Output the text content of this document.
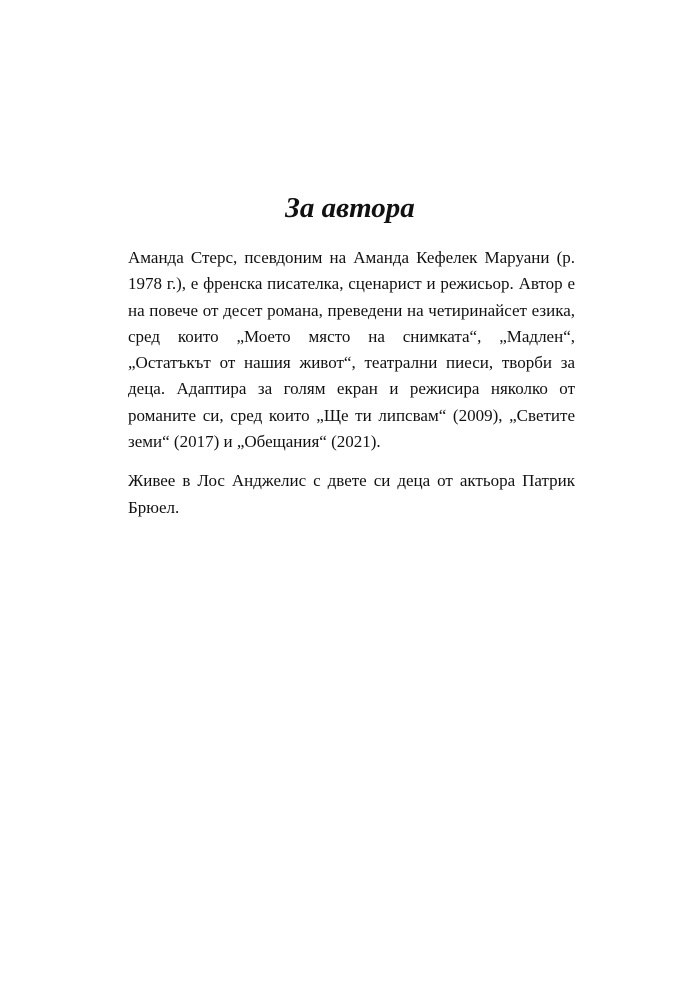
За автора

Аманда Стерс, псевдоним на Аманда Кефелек Маруани (р. 1978 г.), е френска писателка, сценарист и режисьор. Автор е на повече от десет романа, преведени на четиринайсет езика, сред които „Моето място на снимката“, „Мадлен“, „Остатъкът от нашия живот“, театрални пиеси, творби за деца. Адаптира за голям екран и режисира няколко от романите си, сред които „Ще ти липсвам“ (2009), „Светите земи“ (2017) и „Обещания“ (2021).

Живее в Лос Анджелис с двете си деца от актьора Патрик Брюел.
